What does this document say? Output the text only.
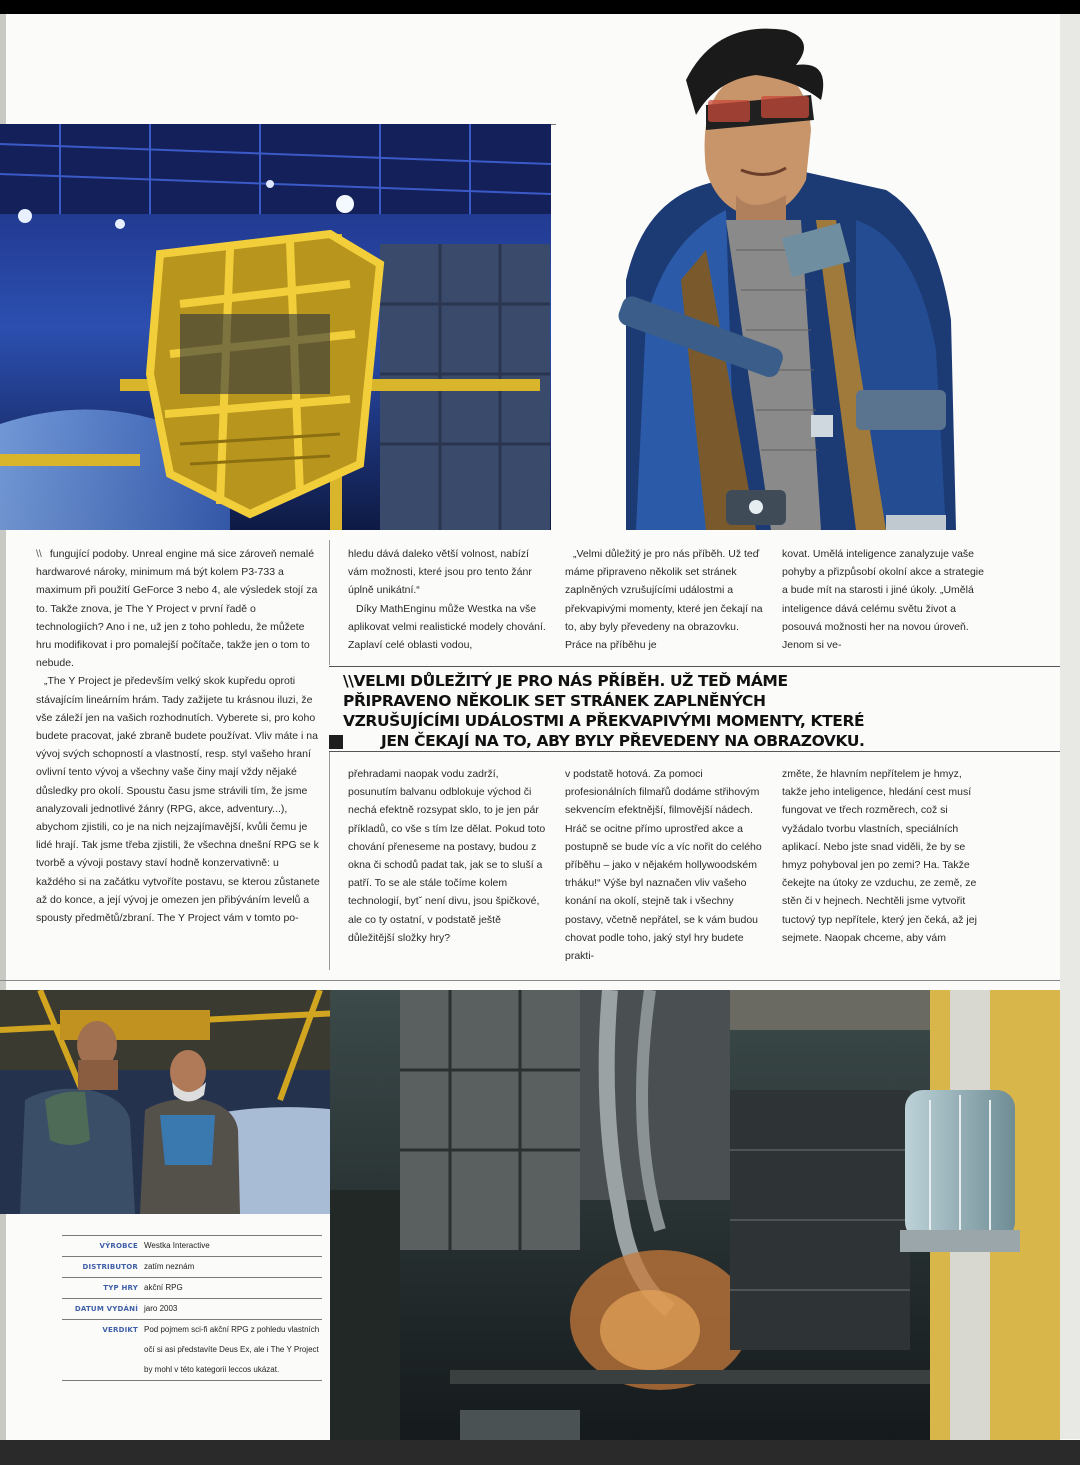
\\ fungující podoby. Unreal engine má sice zároveň nemalé hardwarové nároky, minimum má být kolem P3-733 a maximum při použití GeForce 3 nebo 4, ale výsledek stojí za to. Takže znova, je The Y Project v první řadě o technologiích? Ano i ne, už jen z toho pohledu, že můžete hru modifikovat i pro pomalejší počítače, takže jen o tom to nebude.

„The Y Project je především velký skok kupředu oproti stávajícím lineárním hrám. Tady zažijete tu krásnou iluzi, že vše záleží jen na vašich rozhodnutích. Vyberete si, pro koho budete pracovat, jaké zbraně budete používat. Vliv máte i na vývoj svých schopností a vlastností, resp. styl vašeho hraní ovlivní tento vývoj a všechny vaše činy mají vždy nějaké důsledky pro okolí. Spoustu času jsme strávili tím, že jsme analyzovali jednotlivé žánry (RPG, akce, adventury...), abychom zjistili, co je na nich nejzajímavější, kvůli čemu je lidé hrají. Tak jsme třeba zjistili, že všechna dnešní RPG se k tvorbě a vývoji postavy staví hodně konzervativně: u každého si na začátku vytvoříte postavu, se kterou zůstanete až do konce, a její vývoj je omezen jen přibýváním levelů a spousty předmětů/zbraní. The Y Project vám v tomto po-

hledu dává daleko větší volnost, nabízí vám možnosti, které jsou pro tento žánr úplně unikátní.“

Díky MathEnginu může Westka na vše aplikovat velmi realistické modely chování. Zaplaví celé oblasti vodou,

„Velmi důležitý je pro nás příběh. Už teď máme připraveno několik set stránek zaplněných vzrušujícími událostmi a překvapivými momenty, které jen čekají na to, aby byly převedeny na obrazovku. Práce na příběhu je

kovat. Umělá inteligence zanalyzuje vaše pohyby a přizpůsobí okolní akce a strategie a bude mít na starosti i jiné úkoly. „Umělá inteligence dává celému světu život a posouvá možnosti her na novou úroveň. Jenom si ve-

\\VELMI DŮLEŽITÝ JE PRO NÁS PŘÍBĚH. UŽ TEĎ MÁME
PŘIPRAVENO NĚKOLIK SET STRÁNEK ZAPLNĚNÝCH
VZRUŠUJÍCÍMI UDÁLOSTMI A PŘEKVAPIVÝMI MOMENTY, KTERÉ
JEN ČEKAJÍ NA TO, ABY BYLY PŘEVEDENY NA OBRAZOVKU.

přehradami naopak vodu zadrží, posunutím balvanu odblokuje východ či nechá efektně rozsypat sklo, to je jen pár příkladů, co vše s tím lze dělat. Pokud toto chování přeneseme na postavy, budou z okna či schodů padat tak, jak se to sluší a patří. To se ale stále točíme kolem technologií, bytˇ není divu, jsou špičkové, ale co ty ostatní, v podstatě ještě důležitější složky hry?

v podstatě hotová. Za pomoci profesionálních filmařů dodáme střihovým sekvencím efektnější, filmovější nádech. Hráč se ocitne přímo uprostřed akce a postupně se bude víc a víc nořit do celého příběhu – jako v nějakém hollywoodském trháku!“ Výše byl naznačen vliv vašeho konání na okolí, stejně tak i všechny postavy, včetně nepřátel, se k vám budou chovat podle toho, jaký styl hry budete prakti-

změte, že hlavním nepřítelem je hmyz, takže jeho inteligence, hledání cest musí fungovat ve třech rozměrech, což si vyžádalo tvorbu vlastních, speciálních aplikací. Nebo jste snad viděli, že by se hmyz pohyboval jen po zemi? Ha. Takže čekejte na útoky ze vzduchu, ze země, ze stěn či v hejnech. Nechtěli jsme vytvořit tuctový typ nepřítele, který jen čeká, až jej sejmete. Naopak chceme, aby vám

VÝROBCE Westka Interactive
DISTRIBUTOR zatím neznám
TYP HRY akční RPG
DATUM VYDÁNÍ jaro 2003
VERDIKT Pod pojmem sci-fi akční RPG z pohledu vlastních očí si asi představíte Deus Ex, ale i The Y Project by mohl v této kategorii leccos ukázat.
